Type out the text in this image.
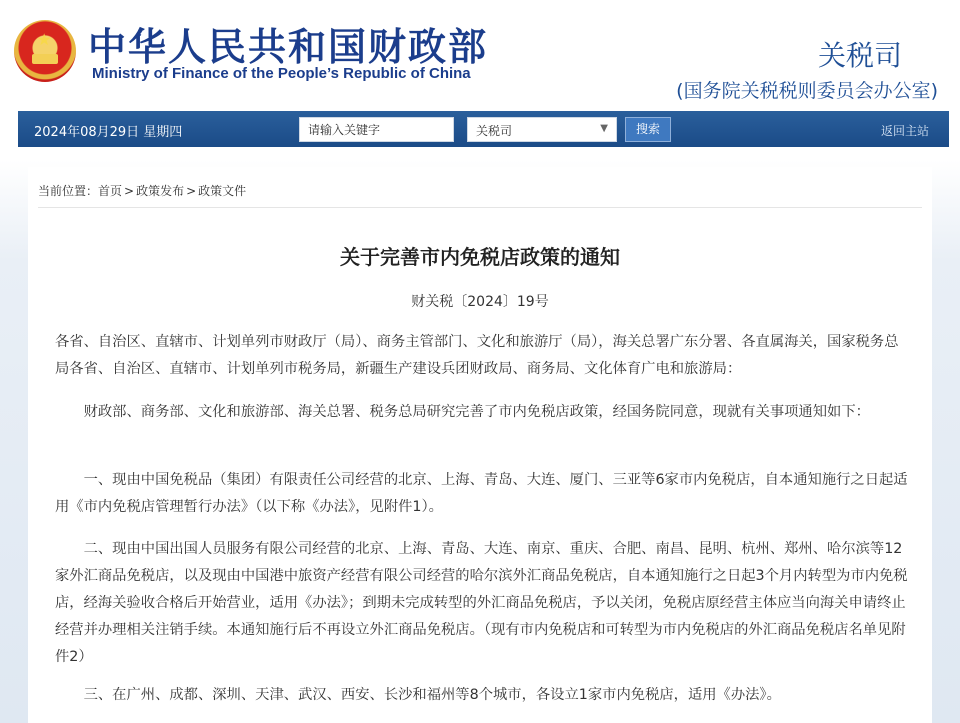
★ 中华人民共和国财政部
Ministry of Finance of the People’s Republic of China
关税司
(国务院关税税则委员会办公室)
2024年08月29日 星期四
请输入关键字	关税司	▼	搜索	返回主站
当前位置：首页 > 政策发布 > 政策文件
关于完善市内免税店政策的通知
财关税〔2024〕19号
各省、自治区、直辖市、计划单列市财政厅（局）、商务主管部门、文化和旅游厅（局），海关总署广东分署、各直属海关，国家税务总局各省、自治区、直辖市、计划单列市税务局，新疆生产建设兵团财政局、商务局、文化体育广电和旅游局：
财政部、商务部、文化和旅游部、海关总署、税务总局研究完善了市内免税店政策，经国务院同意，现就有关事项通知如下：
一、现由中国免税品（集团）有限责任公司经营的北京、上海、青岛、大连、厦门、三亚等6家市内免税店，自本通知施行之日起适用《市内免税店管理暂行办法》（以下称《办法》，见附件1）。
二、现由中国出国人员服务有限公司经营的北京、上海、青岛、大连、南京、重庆、合肥、南昌、昆明、杭州、郑州、哈尔滨等12家外汇商品免税店，以及现由中国港中旅资产经营有限公司经营的哈尔滨外汇商品免税店，自本通知施行之日起3个月内转型为市内免税店，经海关验收合格后开始营业，适用《办法》；到期未完成转型的外汇商品免税店，予以关闭，免税店原经营主体应当向海关申请终止经营并办理相关注销手续。本通知施行后不再设立外汇商品免税店。（现有市内免税店和可转型为市内免税店的外汇商品免税店名单见附件2）
三、在广州、成都、深圳、天津、武汉、西安、长沙和福州等8个城市，各设立1家市内免税店，适用《办法》。
